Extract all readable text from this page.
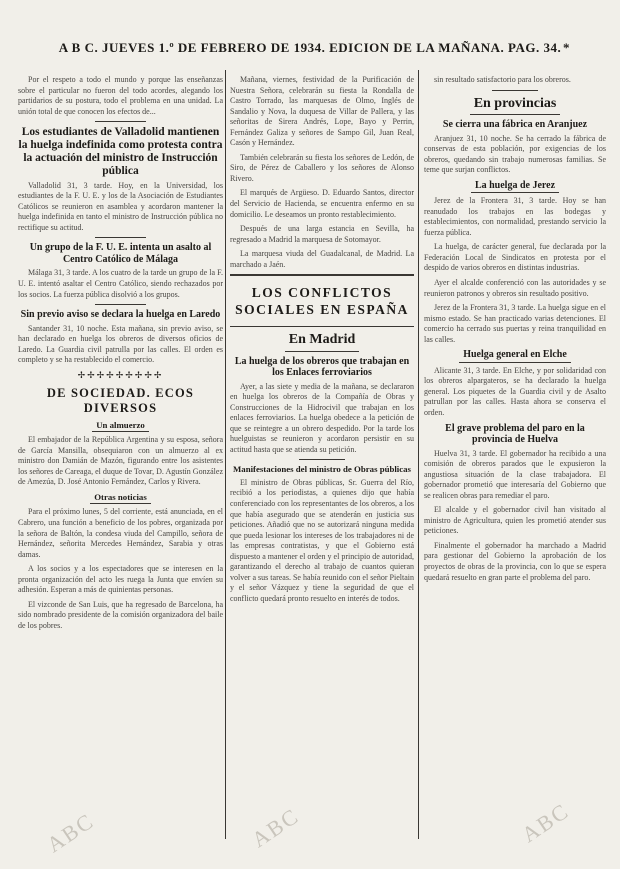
A B C. JUEVES 1.º DE FEBRERO DE 1934. EDICION DE LA MAÑANA. PAG. 34. *

Por el respeto a todo el mundo y porque las enseñanzas sobre el particular no fueron del todo acordes, alegando los partidarios de su postura, todo el problema en una unidad. La unión total de que conocen los efectos de...

Los estudiantes de Valladolid mantienen la huelga indefinida como protesta contra la actuación del ministro de Instrucción pública

Valladolid 31, 3 tarde. Hoy, en la Universidad, los estudiantes de la F. U. E. y los de la Asociación de Estudiantes Católicos se reunieron en asamblea y acordaron mantener la huelga indefinida en tanto el ministro de Instrucción pública no rectifique su actitud.

Un grupo de la F. U. E. intenta un asalto al Centro Católico de Málaga

Málaga 31, 3 tarde. A los cuatro de la tarde un grupo de la F. U. E. intentó asaltar el Centro Católico, siendo rechazados por los socios. La fuerza pública disolvió a los grupos.

Sin previo aviso se declara la huelga en Laredo

Santander 31, 10 noche. Esta mañana, sin previo aviso, se han declarado en huelga los obreros de diversos oficios de Laredo. La Guardia civil patrulla por las calles. El orden es completo y se ha restablecido el comercio.

✢✢✢✢✢✢✢✢✢
DE SOCIEDAD. ECOS DIVERSOS
Un almuerzo

El embajador de la República Argentina y su esposa, señora de García Mansilla, obsequiaron con un almuerzo al ex ministro don Damián de Mazón, figurando entre los asistentes los señores de Careaga, el duque de Tovar, D. Agustín González de Amezúa, D. José Antonio Fernández, Carlos y Rivera.

Otras noticias

Para el próximo lunes, 5 del corriente, está anunciada, en el Cabrero, una función a beneficio de los pobres, organizada por la señora de Baltón, la condesa viuda del Campillo, señora de Hernández, señorita Mercedes Hernández, Sarabia y otras damas.

A los socios y a los espectadores que se interesen en la pronta organización del acto les ruega la Junta que envíen su adhesión. Esperan a más de quinientas personas.

El vizconde de San Luis, que ha regresado de Barcelona, ha sido nombrado presidente de la comisión organizadora del baile de los pobres.

Mañana, viernes, festividad de la Purificación de Nuestra Señora, celebrarán su fiesta la Rondalla de Castro Torrado, las marquesas de Olmo, Inglés de Sandalio y Nova, la duquesa de Villar de Pallera, y las señoritas de Sirera Andrés, Lope, Bayo y Perrin, Fernández Galiza y señores de Sampo Gil, Juan Real, Casón y Hernández.

También celebrarán su fiesta los señores de Ledón, de Siro, de Pérez de Caballero y los señores de Alonso Rivero.

El marqués de Argüeso. D. Eduardo Santos, director del Servicio de Hacienda, se encuentra enfermo en su domicilio. Le deseamos un pronto restablecimiento.

Después de una larga estancia en Sevilla, ha regresado a Madrid la marquesa de Sotomayor.

La marquesa viuda del Guadalcanal, de Madrid. La marchado a Jaén.

LOS CONFLICTOS SOCIALES EN ESPAÑA
En Madrid
La huelga de los obreros que trabajan en los Enlaces ferroviarios

Ayer, a las siete y media de la mañana, se declararon en huelga los obreros de la Compañía de Obras y Construcciones de la Hidrocivil que trabajan en los enlaces ferroviarios. La huelga obedece a la petición de que se reintegre a un obrero despedido. Por la tarde los huelguistas se reunieron y acordaron persistir en su actitud hasta que se atienda su petición.

Manifestaciones del ministro de Obras públicas

El ministro de Obras públicas, Sr. Guerra del Río, recibió a los periodistas, a quienes dijo que había conferenciado con los representantes de los obreros, a los que había asegurado que se atenderán en justicia sus peticiones. Añadió que no se autorizará ninguna medida que pueda lesionar los intereses de los trabajadores ni de las empresas contratistas, y que el Gobierno está dispuesto a mantener el orden y el principio de autoridad, garantizando el derecho al trabajo de cuantos quieran volver a sus tareas. Se había reunido con el señor Pieltain y el señor Vázquez y tiene la seguridad de que el conflicto quedará pronto resuelto en interés de todos.

sin resultado satisfactorio para los obreros.

En provincias
Se cierra una fábrica en Aranjuez

Aranjuez 31, 10 noche. Se ha cerrado la fábrica de conservas de esta población, por exigencias de los obreros, quedando sin trabajo numerosas familias. Se teme que surjan conflictos.

La huelga de Jerez

Jerez de la Frontera 31, 3 tarde. Hoy se han reanudado los trabajos en las bodegas y establecimientos, con normalidad, prestando servicio la fuerza pública.

La huelga, de carácter general, fue declarada por la Federación Local de Sindicatos en protesta por el despido de varios obreros en distintas industrias.

Ayer el alcalde conferenció con las autoridades y se reunieron patronos y obreros sin resultado positivo.

Jerez de la Frontera 31, 3 tarde. La huelga sigue en el mismo estado. Se han practicado varias detenciones. El comercio ha cerrado sus puertas y reina tranquilidad en las calles.

Huelga general en Elche

Alicante 31, 3 tarde. En Elche, y por solidaridad con los obreros alpargateros, se ha declarado la huelga general. Los piquetes de la Guardia civil y de Asalto patrullan por las calles. Hasta ahora se conserva el orden.

El grave problema del paro en la provincia de Huelva

Huelva 31, 3 tarde. El gobernador ha recibido a una comisión de obreros parados que le expusieron la angustiosa situación de la clase trabajadora. El gobernador prometió que interesaría del Gobierno que se realicen obras para remediar el paro.

El alcalde y el gobernador civil han visitado al ministro de Agricultura, quien les prometió atender sus peticiones.

Finalmente el gobernador ha marchado a Madrid para gestionar del Gobierno la aprobación de los proyectos de obras de la provincia, con lo que se espera quedará resuelto en gran parte el problema del paro.

ABC	ABC	ABC
